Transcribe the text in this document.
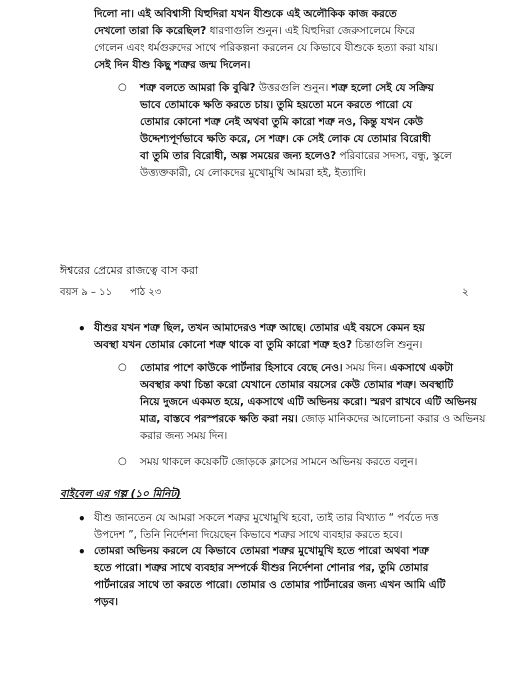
দিলো না। এই অবিশ্বাসী যিহুদিরা যখন যীশুকে এই অলৌকিক কাজ করতে
দেখলো তারা কি করেছিল? ধারণাগুলি শুনুন। এই যিহুদিরা জেরুসালেমে ফিরে
গেলেন এবং ধর্মগুরুদের সাথে পরিকল্পনা করলেন যে কিভাবে যীশুকে হত্যা করা যায়।
সেই দিন যীশু কিছু শত্রুর জন্ম দিলেন।
○ শত্রু বলতে আমরা কি বুঝি? উত্তরগুলি শুনুন। শত্রু হলো সেই যে সক্রিয়
ভাবে তোমাকে ক্ষতি করতে চায়। তুমি হয়তো মনে করতে পারো যে
তোমার কোনো শত্রু নেই অথবা তুমি কারো শত্রু নও, কিন্তু যখন কেউ
উদ্দেশ্যপূর্ণভাবে ক্ষতি করে, সে শত্রু। কে সেই লোক যে তোমার বিরোধী
বা তুমি তার বিরোধী, অল্প সময়ের জন্য হলেও? পরিবারের সদস্য, বন্ধু, স্কুলে
উত্ত্যক্তকারী, যে লোকদের মুখোমুখি আমরা হই, ইত্যাদি।
ঈশ্বরের প্রেমের রাজত্বে বাস করা
বয়স ৯ – ১১ পাঠ ২৩	২
• যীশুর যখন শত্রু ছিল, তখন আমাদেরও শত্রু আছে। তোমার এই বয়সে কেমন হয়
অবস্থা যখন তোমার কোনো শত্রু থাকে বা তুমি কারো শত্রু হও? চিন্তাগুলি শুনুন।
○ তোমার পাশে কাউকে পার্টনার হিসাবে বেছে নেও। সময় দিন। একসাথে একটা
অবস্থার কথা চিন্তা করো যেখানে তোমার বয়সের কেউ তোমার শত্রু। অবস্থাটি
নিয়ে দুজনে একমত হয়ে, একসাথে এটি অভিনয় করো। স্মরণ রাখবে এটি অভিনয়
মাত্র, বাস্তবে পরস্পরকে ক্ষতি করা নয়। জোড় মানিকদের আলোচনা করার ও অভিনয়
করার জন্য সময় দিন।
○ সময় থাকলে কয়েকটি জোড়কে ক্লাসের সামনে অভিনয় করতে বলুন।
বাইবেল এর গল্প (১০ মিনিট)
• যীশু জানতেন যে আমরা সকলে শত্রুর মুখোমুখি হবো, তাই তার বিখ্যাত “ পর্বতে দত্ত
উপদেশ ”, তিনি নির্দেশনা দিয়েছেন কিভাবে শত্রুর সাথে ব্যবহার করতে হবে।
• তোমরা অভিনয় করলে যে কিভাবে তোমরা শত্রুর মুখোমুখি হতে পারো অথবা শত্রু
হতে পারো। শত্রুর সাথে ব্যবহার সম্পর্কে যীশুর নির্দেশনা শোনার পর, তুমি তোমার
পার্টনারের সাথে তা করতে পারো। তোমার ও তোমার পার্টনারের জন্য এখন আমি এটি
পড়ব।
